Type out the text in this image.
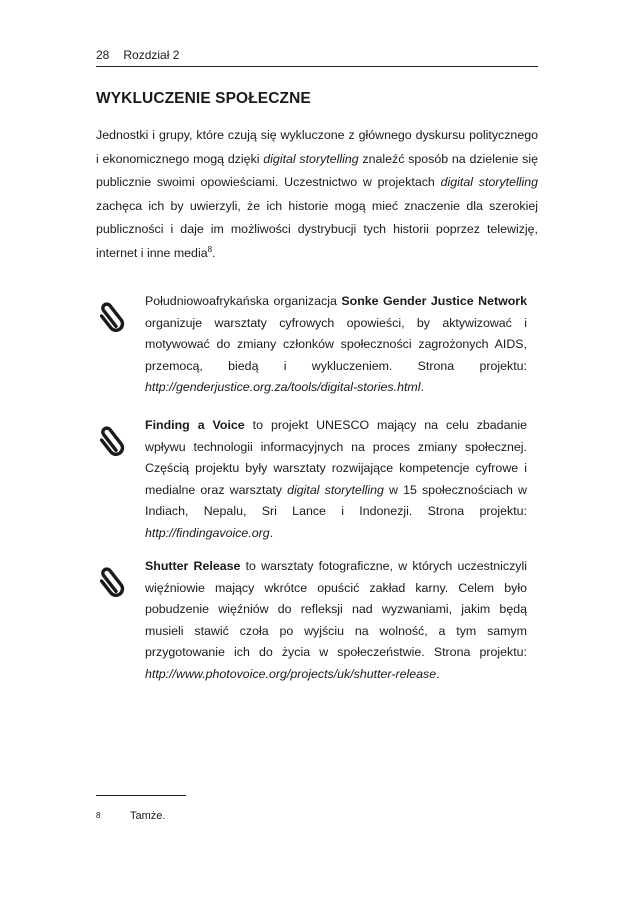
28 Rozdział 2
WYKLUCZENIE SPOŁECZNE

Jednostki i grupy, które czują się wykluczone z głównego dyskursu politycznego i ekonomicznego mogą dzięki digital storytelling znaleźć sposób na dzielenie się publicznie swoimi opowieściami. Uczestnictwo w projektach digital storytelling zachęca ich by uwierzyli, że ich historie mogą mieć znaczenie dla szerokiej publiczności i daje im możliwości dystrybucji tych historii poprzez telewizję, internet i inne media$^8$.

Południowoafrykańska organizacja Sonke Gender Justice Network organizuje warsztaty cyfrowych opowieści, by aktywizować i motywować do zmiany członków społeczności zagrożonych AIDS, przemocą, biedą i wykluczeniem. Strona projektu: http://genderjustice.org.za/tools/digital-stories.html.

Finding a Voice to projekt UNESCO mający na celu zbadanie wpływu technologii informacyjnych na proces zmiany społecznej. Częścią projektu były warsztaty rozwijające kompetencje cyfrowe i medialne oraz warsztaty digital storytelling w 15 społecznościach w Indiach, Nepalu, Sri Lance i Indonezji. Strona projektu: http://findingavoice.org.

Shutter Release to warsztaty fotograficzne, w których uczestniczyli więźniowie mający wkrótce opuścić zakład karny. Celem było pobudzenie więźniów do refleksji nad wyzwaniami, jakim będą musieli stawić czoła po wyjściu na wolność, a tym samym przygotowanie ich do życia w społeczeństwie. Strona projektu: http://www.photovoice.org/projects/uk/shutter-release.

8	Tamże.
